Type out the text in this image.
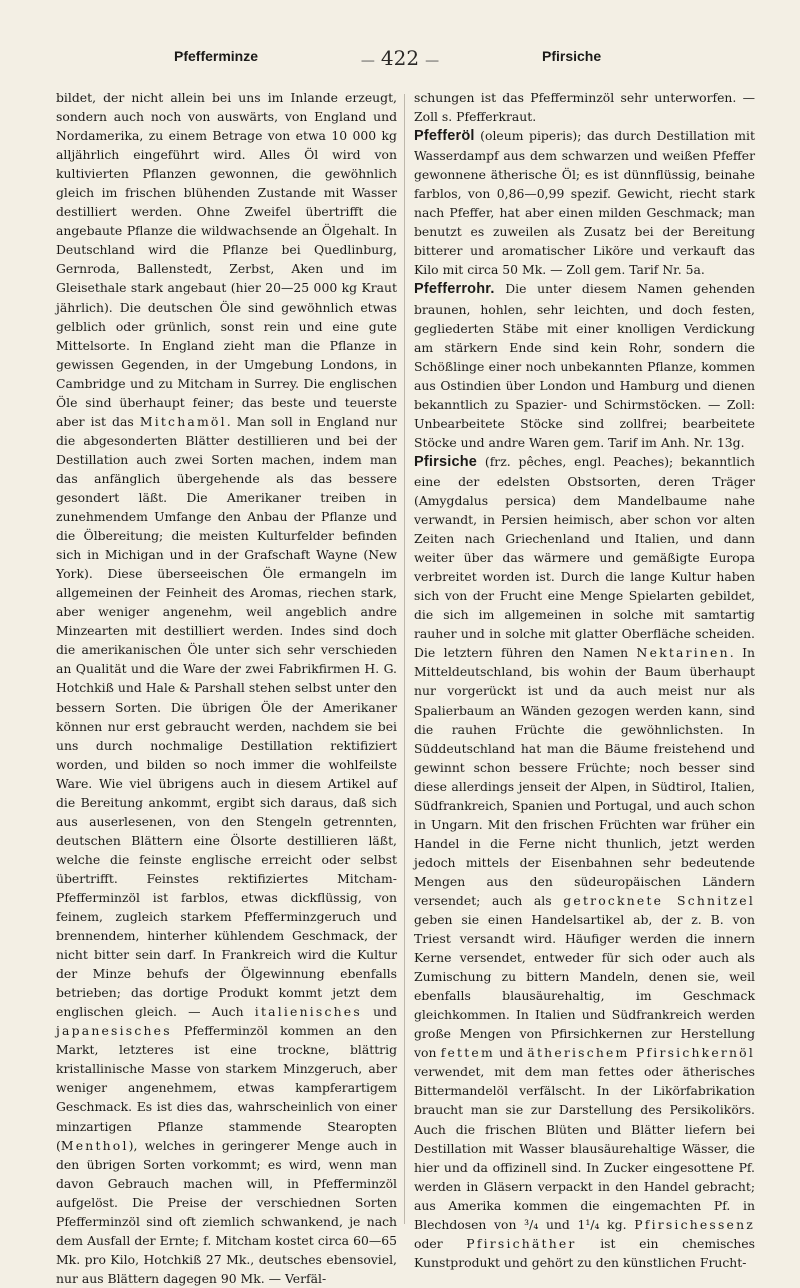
Pfefferminze	— 422 —	Pfirsiche

bildet, der nicht allein bei uns im Inlande erzeugt, sondern auch noch von auswärts, von England und Nordamerika, zu einem Betrage von etwa 10 000 kg alljährlich eingeführt wird. Alles Öl wird von kultivierten Pflanzen gewonnen, die gewöhnlich gleich im frischen blühenden Zustande mit Wasser destilliert werden. Ohne Zweifel übertrifft die angebaute Pflanze die wildwachsende an Ölgehalt. In Deutschland wird die Pflanze bei Quedlinburg, Gernroda, Ballenstedt, Zerbst, Aken und im Gleisethale stark angebaut (hier 20—25 000 kg Kraut jährlich). Die deutschen Öle sind gewöhnlich etwas gelblich oder grünlich, sonst rein und eine gute Mittelsorte. In England zieht man die Pflanze in gewissen Gegenden, in der Umgebung Londons, in Cambridge und zu Mitcham in Surrey. Die englischen Öle sind überhaupt feiner; das beste und teuerste aber ist das Mitchamöl. Man soll in England nur die abgesonderten Blätter destillieren und bei der Destillation auch zwei Sorten machen, indem man das anfänglich übergehende als das bessere gesondert läßt. Die Amerikaner treiben in zunehmendem Umfange den Anbau der Pflanze und die Ölbereitung; die meisten Kulturfelder befinden sich in Michigan und in der Grafschaft Wayne (New York). Diese überseeischen Öle ermangeln im allgemeinen der Feinheit des Aromas, riechen stark, aber weniger angenehm, weil angeblich andre Minzearten mit destilliert werden. Indes sind doch die amerikanischen Öle unter sich sehr verschieden an Qualität und die Ware der zwei Fabrikfirmen H. G. Hotchkiß und Hale & Parshall stehen selbst unter den bessern Sorten. Die übrigen Öle der Amerikaner können nur erst gebraucht werden, nachdem sie bei uns durch nochmalige Destillation rektifiziert worden, und bilden so noch immer die wohlfeilste Ware. Wie viel übrigens auch in diesem Artikel auf die Bereitung ankommt, ergibt sich daraus, daß sich aus auserlesenen, von den Stengeln getrennten, deutschen Blättern eine Ölsorte destillieren läßt, welche die feinste englische erreicht oder selbst übertrifft. Feinstes rektifiziertes Mitcham-Pfefferminzöl ist farblos, etwas dickflüssig, von feinem, zugleich starkem Pfefferminzgeruch und brennendem, hinterher kühlendem Geschmack, der nicht bitter sein darf. In Frankreich wird die Kultur der Minze behufs der Ölgewinnung ebenfalls betrieben; das dortige Produkt kommt jetzt dem englischen gleich. — Auch italienisches und japanesisches Pfefferminzöl kommen an den Markt, letzteres ist eine trockne, blättrig kristallinische Masse von starkem Minzgeruch, aber weniger angenehmem, etwas kampferartigem Geschmack. Es ist dies das, wahrscheinlich von einer minzartigen Pflanze stammende Stearopten (Menthol), welches in geringerer Menge auch in den übrigen Sorten vorkommt; es wird, wenn man davon Gebrauch machen will, in Pfefferminzöl aufgelöst. Die Preise der verschiednen Sorten Pfefferminzöl sind oft ziemlich schwankend, je nach dem Ausfall der Ernte; f. Mitcham kostet circa 60—65 Mk. pro Kilo, Hotchkiß 27 Mk., deutsches ebensoviel, nur aus Blättern dagegen 90 Mk. — Verfäl-

schungen ist das Pfefferminzöl sehr unterworfen. — Zoll s. Pfefferkraut.

Pfefferöl (oleum piperis); das durch Destillation mit Wasserdampf aus dem schwarzen und weißen Pfeffer gewonnene ätherische Öl; es ist dünnflüssig, beinahe farblos, von 0,86—0,99 spezif. Gewicht, riecht stark nach Pfeffer, hat aber einen milden Geschmack; man benutzt es zuweilen als Zusatz bei der Bereitung bitterer und aromatischer Liköre und verkauft das Kilo mit circa 50 Mk. — Zoll gem. Tarif Nr. 5a.

Pfefferrohr. Die unter diesem Namen gehenden braunen, hohlen, sehr leichten, und doch festen, gegliederten Stäbe mit einer knolligen Verdickung am stärkern Ende sind kein Rohr, sondern die Schößlinge einer noch unbekannten Pflanze, kommen aus Ostindien über London und Hamburg und dienen bekanntlich zu Spazier- und Schirmstöcken. — Zoll: Unbearbeitete Stöcke sind zollfrei; bearbeitete Stöcke und andre Waren gem. Tarif im Anh. Nr. 13g.

Pfirsiche (frz. pêches, engl. Peaches); bekanntlich eine der edelsten Obstsorten, deren Träger (Amygdalus persica) dem Mandelbaume nahe verwandt, in Persien heimisch, aber schon vor alten Zeiten nach Griechenland und Italien, und dann weiter über das wärmere und gemäßigte Europa verbreitet worden ist. Durch die lange Kultur haben sich von der Frucht eine Menge Spielarten gebildet, die sich im allgemeinen in solche mit samtartig rauher und in solche mit glatter Oberfläche scheiden. Die letztern führen den Namen Nektarinen. In Mitteldeutschland, bis wohin der Baum überhaupt nur vorgerückt ist und da auch meist nur als Spalierbaum an Wänden gezogen werden kann, sind die rauhen Früchte die gewöhnlichsten. In Süddeutschland hat man die Bäume freistehend und gewinnt schon bessere Früchte; noch besser sind diese allerdings jenseit der Alpen, in Südtirol, Italien, Südfrankreich, Spanien und Portugal, und auch schon in Ungarn. Mit den frischen Früchten war früher ein Handel in die Ferne nicht thunlich, jetzt werden jedoch mittels der Eisenbahnen sehr bedeutende Mengen aus den südeuropäischen Ländern versendet; auch als getrocknete Schnitzel geben sie einen Handelsartikel ab, der z. B. von Triest versandt wird. Häufiger werden die innern Kerne versendet, entweder für sich oder auch als Zumischung zu bittern Mandeln, denen sie, weil ebenfalls blausäurehaltig, im Geschmack gleichkommen. In Italien und Südfrankreich werden große Mengen von Pfirsichkernen zur Herstellung von fettem und ätherischem Pfirsichkernöl verwendet, mit dem man fettes oder ätherisches Bittermandelöl verfälscht. In der Likörfabrikation braucht man sie zur Darstellung des Persikolikörs. Auch die frischen Blüten und Blätter liefern bei Destillation mit Wasser blausäurehaltige Wässer, die hier und da offizinell sind. In Zucker eingesottene Pf. werden in Gläsern verpackt in den Handel gebracht; aus Amerika kommen die eingemachten Pf. in Blechdosen von ³/₄ und 1¹/₄ kg. Pfirsichessenz oder Pfirsichäther ist ein chemisches Kunstprodukt und gehört zu den künstlichen Frucht-
